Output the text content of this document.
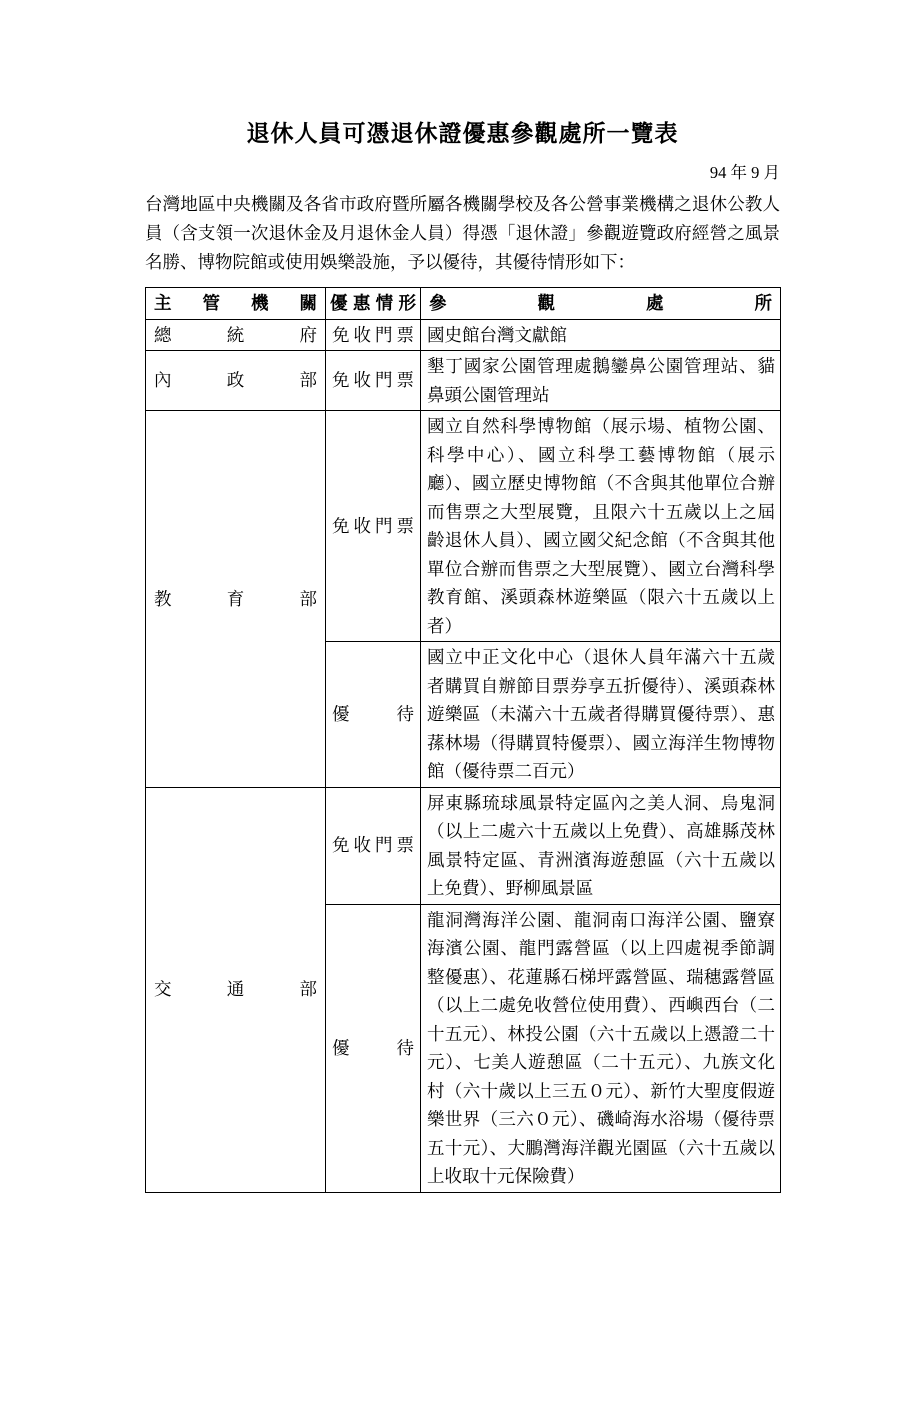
退休人員可憑退休證優惠參觀處所一覽表
94 年 9 月

台灣地區中央機關及各省市政府暨所屬各機關學校及各公營事業機構之退休公教人員（含支領一次退休金及月退休金人員）得憑「退休證」參觀遊覽政府經營之風景名勝、博物院館或使用娛樂設施，予以優待，其優待情形如下：

主管機關	優惠情形	參觀處所
總統府	免收門票	國史館台灣文獻館
內政部	免收門票	墾丁國家公園管理處鵝鑾鼻公園管理站、貓鼻頭公園管理站
教育部	免收門票	國立自然科學博物館（展示場、植物公園、科學中心）、國立科學工藝博物館（展示廳）、國立歷史博物館（不含與其他單位合辦而售票之大型展覽，且限六十五歲以上之屆齡退休人員）、國立國父紀念館（不含與其他單位合辦而售票之大型展覽）、國立台灣科學教育館、溪頭森林遊樂區（限六十五歲以上者）
	優待	國立中正文化中心（退休人員年滿六十五歲者購買自辦節目票券享五折優待）、溪頭森林遊樂區（未滿六十五歲者得購買優待票）、惠蓀林場（得購買特優票）、國立海洋生物博物館（優待票二百元）
交通部	免收門票	屏東縣琉球風景特定區內之美人洞、烏鬼洞（以上二處六十五歲以上免費）、高雄縣茂林風景特定區、青洲濱海遊憩區（六十五歲以上免費）、野柳風景區
	優待	龍洞灣海洋公園、龍洞南口海洋公園、鹽寮海濱公園、龍門露營區（以上四處視季節調整優惠）、花蓮縣石梯坪露營區、瑞穗露營區（以上二處免收營位使用費）、西嶼西台（二十五元）、林投公園（六十五歲以上憑證二十元）、七美人遊憩區（二十五元）、九族文化村（六十歲以上三五０元）、新竹大聖度假遊樂世界（三六０元）、磯崎海水浴場（優待票五十元）、大鵬灣海洋觀光園區（六十五歲以上收取十元保險費）
